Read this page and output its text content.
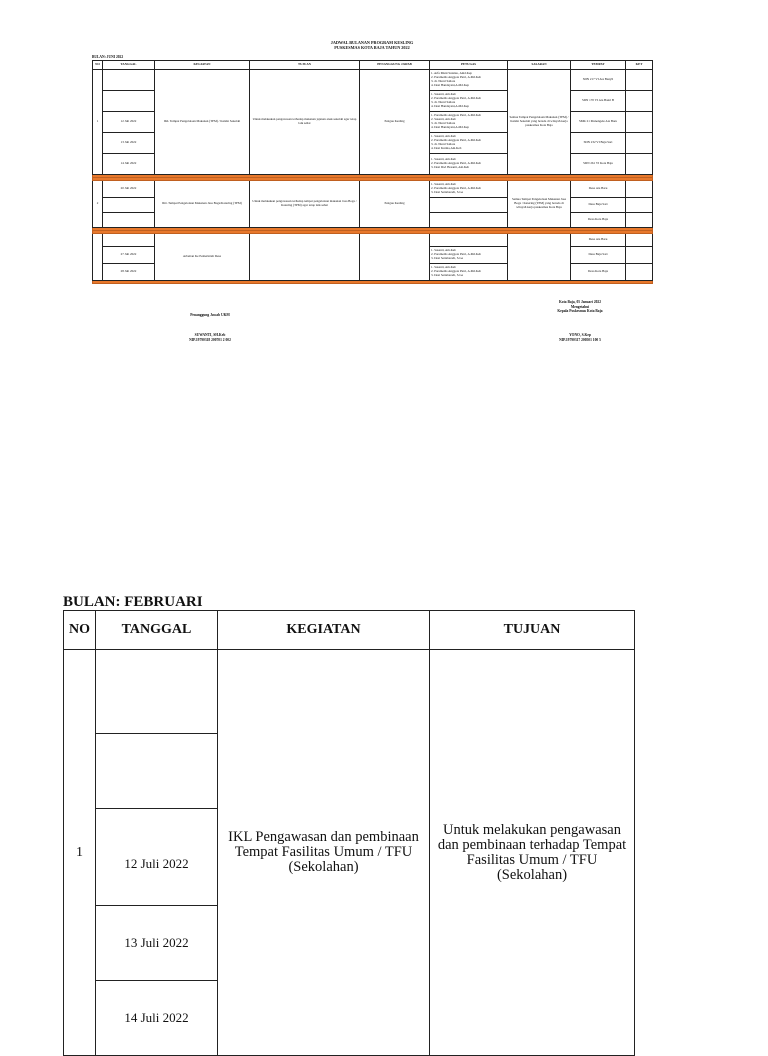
JADWAL BULANAN PROGRAM KESLING
PUSKESMAS KOTA BAJA TAHUN 2022
BULAN: JUNI 2022
NO	TANGGAL	KEGIATAN	TUJUAN	PENANGGUNG JAWAB	PETUGAS	SASARAN	TEMPAT	KET
1		IKL Tempat Pengelolaan Makanan (TPM) / Kantin Sekolah	Untuk melakukan pengawasan terhadap makanan jajanan anak sekolah agar tetap laik sehat	Pengua Kesling	1. Arfa Muni Sutanto, Amd.Kep
2. Paramedis Anggota Putri, A.Md.Keb
3. dr. Nurul Sahara
4. Desi Handayani,A.Md.Kep	Semua Tempat Pengelolaan Makanan (TPM) / Kantin Sekolah yang berada di wilayah kerja puskesmas Kota Baja	SDN 217 VI Ata Banyil	
					1. Susanti, Am.Keb
2. Paramedis Anggota Putri, A.Md.Keb
3. dr. Nurul Sahara
4. Desi Handayani,A.Md.Kep		SDN 170 VI Ata Banri B	
	12 Juli 2022				1. Paramedis Anggota Putri, A.Md.Keb
2. Susanti, Am.Keb
3. dr. Nurul Sahara
4. Desi Handayani,A.Md.Kep		SMK 21 Manengele Ata Baru	
	13 Juli 2022				1. Susanti, Am.Keb
2. Paramedis Anggota Putri, A.Md.Keb
3. dr. Nurul Sahara
4. Desi Kurnia,Am.Keb		SDN 232 VI Baju Sari	
	14 Juli 2022				1. Susanti, Am.Keb
2. Paramedis Anggota Putri, A.Md.Keb
3. Desi Dwi Hesanti, Am.Keb		SDN 261 VI Kota Baja	

2	20 Juli 2022	IKL Tempat Pengelolaan Makanan Jasa Boga/Katering (TPM)	Untuk melakukan pengawasan terhadap tempat pengelolaan makanan Jasa Boga / Katering (TPM) agar tetap laik sehat	Pengua Kesling	1. Susanti, Am.Keb
2. Paramedis Anggota Putri, A.Md.Keb
3. Desi Setiabaradi, S.Ga	Semua Tempat Pengelolaan Makanan Jasa Boga / Katering (TPM) yang berada di wilayah kerja puskesmas Kota Baja	Desa Ata Baru	
							Desa Baju Sari	
							Desa Kota Baja	

		Arbeitan Ke Pemerintah Desa					Desa Ata Baru	
	27 Juli 2022				1. Susanti, Am.Keb
2. Paramedis Anggota Putri, A.Md.Keb
3. Desi Setiabaradi, S.Ga		Desa Baju Sari	
	28 Juli 2022				1. Susanti, Am.Keb
2. Paramedis Anggota Putri, A.Md.Keb
3. Desi Setiabaradi, S.Ga		Desa Kota Baja	

Kota Baja, 05 Januari 2022
Mengetahui
Kepala Puskesmas Kota Baja
Penanggung Jawab UKM
SUWANTI, SH.Keb
NIP.19790318 200701 2 002
YONO, S.Kep
NIP.19790317 200501 100 5
BULAN: FEBRUARI
NO	TANGGAL	KEGIATAN	TUJUAN
1		IKL Pengawasan dan pembinaan Tempat Fasilitas Umum / TFU (Sekolahan)	Untuk melakukan pengawasan dan pembinaan terhadap Tempat Fasilitas Umum / TFU (Sekolahan)

	12 Juli 2022		
	13 Juli 2022		
	14 Juli 2022		
